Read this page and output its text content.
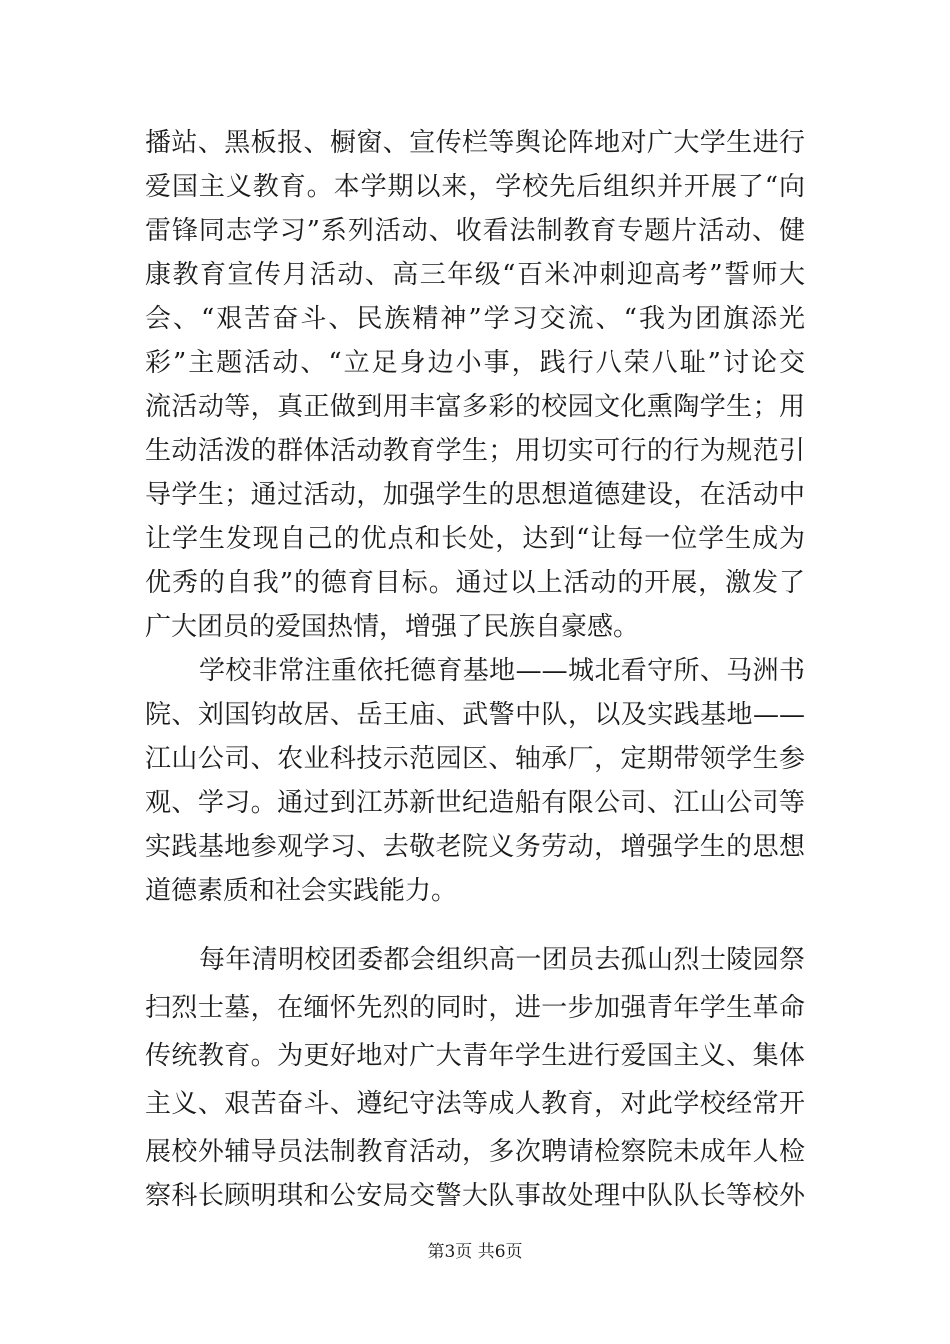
播站、黑板报、橱窗、宣传栏等舆论阵地对广大学生进行
爱国主义教育。本学期以来，学校先后组织并开展了“向
雷锋同志学习”系列活动、收看法制教育专题片活动、健
康教育宣传月活动、高三年级“百米冲刺迎高考”誓师大
会、“艰苦奋斗、民族精神”学习交流、“我为团旗添光
彩”主题活动、“立足身边小事，践行八荣八耻”讨论交
流活动等，真正做到用丰富多彩的校园文化熏陶学生；用
生动活泼的群体活动教育学生；用切实可行的行为规范引
导学生；通过活动，加强学生的思想道德建设，在活动中
让学生发现自己的优点和长处，达到“让每一位学生成为
优秀的自我”的德育目标。通过以上活动的开展，激发了
广大团员的爱国热情，增强了民族自豪感。
学校非常注重依托德育基地——城北看守所、马洲书
院、刘国钧故居、岳王庙、武警中队，以及实践基地——
江山公司、农业科技示范园区、轴承厂，定期带领学生参
观、学习。通过到江苏新世纪造船有限公司、江山公司等
实践基地参观学习、去敬老院义务劳动，增强学生的思想
道德素质和社会实践能力。
每年清明校团委都会组织高一团员去孤山烈士陵园祭
扫烈士墓，在缅怀先烈的同时，进一步加强青年学生革命
传统教育。为更好地对广大青年学生进行爱国主义、集体
主义、艰苦奋斗、遵纪守法等成人教育，对此学校经常开
展校外辅导员法制教育活动，多次聘请检察院未成年人检
察科长顾明琪和公安局交警大队事故处理中队队长等校外
第3页 共6页
